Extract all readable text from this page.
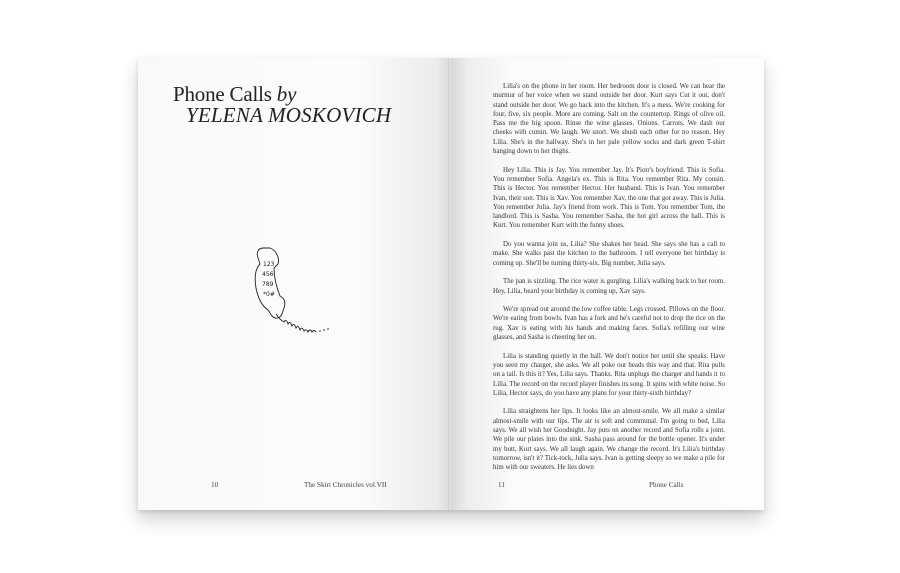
Phone Calls by
YELENA MOSKOVICH
123
456
789
*0#
10	The Skirt Chronicles vol.VII

Lilia's on the phone in her room. Her bedroom door is closed. We can hear the murmur of her voice when we stand outside her door. Kurt says Cut it out, don't stand outside her door. We go back into the kitchen. It's a mess. We're cooking for four, five, six people. More are coming. Salt on the countertop. Rings of olive oil. Pass me the big spoon. Rinse the wine glasses. Onions. Carrots. We dash our cheeks with cumin. We laugh. We snort. We shush each other for no reason. Hey Lilia. She's in the hallway. She's in her pale yellow socks and dark green T-shirt hanging down to her thighs.

Hey Lilia. This is Jay. You remember Jay. It's Piotr's boyfriend. This is Sofia. You remember Sofia. Angela's ex. This is Rita. You remember Rita. My cousin. This is Hector. You remember Hector. Her husband. This is Ivan. You remember Ivan, their son. This is Xav. You remember Xav, the one that got away. This is Julia. You remember Julia. Jay's friend from work. This is Tom. You remember Tom, the landlord. This is Sasha. You remember Sasha, the hot girl across the hall. This is Kurt. You remember Kurt with the funny shoes.

Do you wanna join us, Lilia? She shakes her head. She says she has a call to make. She walks past the kitchen to the bathroom. I tell everyone her birthday is coming up. She'll be turning thirty-six. Big number, Julia says.

The pan is sizzling. The rice water is gurgling. Lilia's walking back to her room. Hey, Lilia, heard your birthday is coming up, Xav says.

We're spread out around the low coffee table. Legs crossed. Pillows on the floor. We're eating from bowls. Ivan has a fork and he's careful not to drop the rice on the rug. Xav is eating with his hands and making faces. Sofia's refilling our wine glasses, and Sasha is cheering her on.

Lilia is standing quietly in the hall. We don't notice her until she speaks. Have you seen my charger, she asks. We all poke our heads this way and that. Rita pulls on a tail. Is this it? Yes, Lilia says. Thanks. Rita unplugs the charger and hands it to Lilia. The record on the record player finishes its song. It spins with white noise. So Lilia, Hector says, do you have any plans for your thirty-sixth birthday?

Lilia straightens her lips. It looks like an almost-smile. We all make a similar almost-smile with our lips. The air is soft and communal. I'm going to bed, Lilia says. We all wish her Goodnight. Jay puts on another record and Sofia rolls a joint. We pile our plates into the sink. Sasha pass around for the bottle opener. It's under my butt, Kurt says. We all laugh again. We change the record. It's Lilia's birthday tomorrow, isn't it? Tick-tock, Julia says. Ivan is getting sleepy so we make a pile for him with our sweaters. He lies down

11	Phone Calls
